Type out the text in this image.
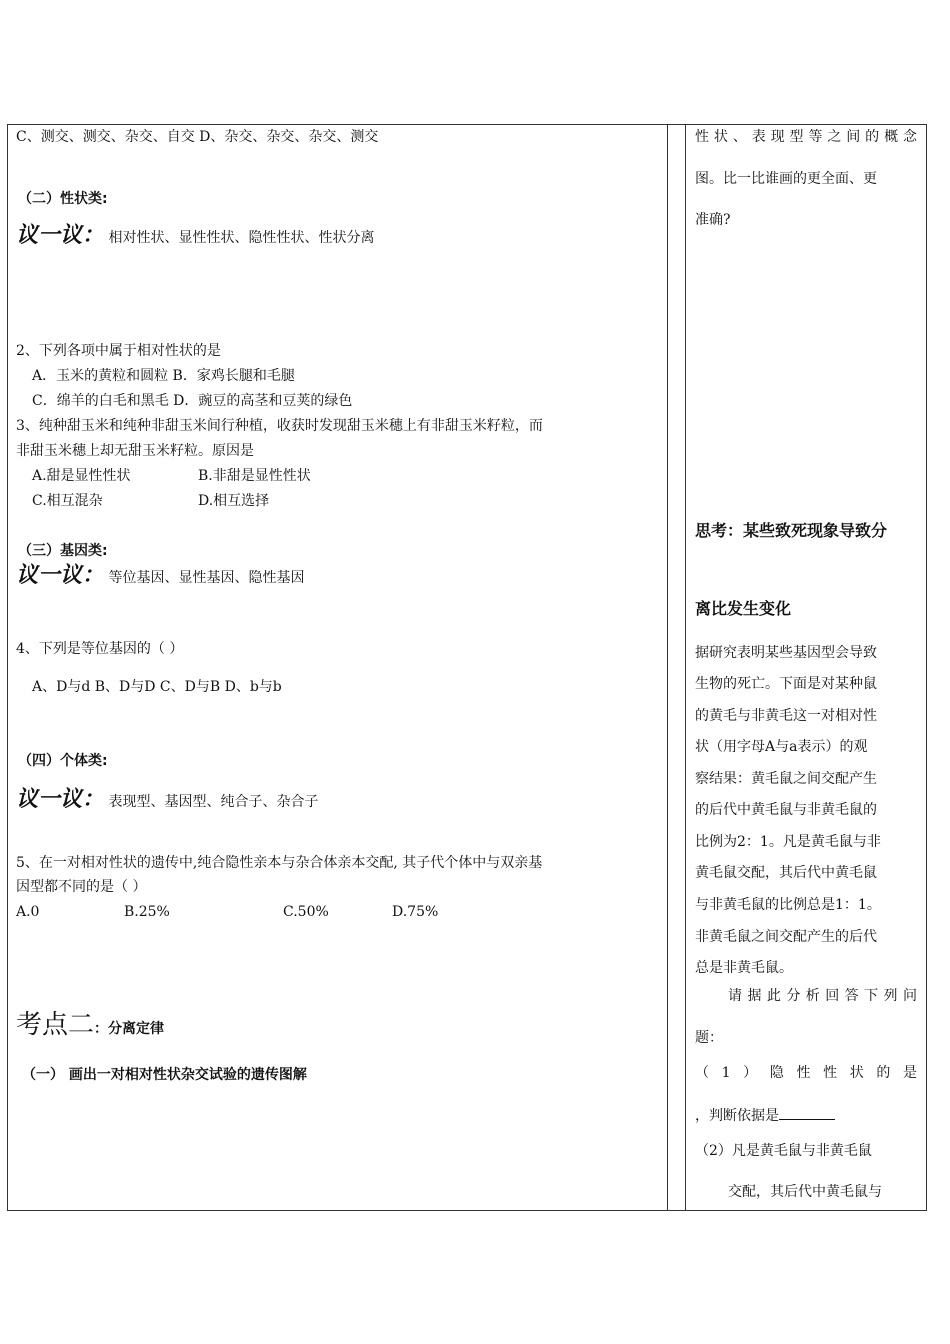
C、测交、测交、杂交、自交 D、杂交、杂交、杂交、测交
（二）性状类:
议一议： 相对性状、显性性状、隐性性状、性状分离
2、下列各项中属于相对性状的是
A．玉米的黄粒和圆粒 B．家鸡长腿和毛腿
C．绵羊的白毛和黑毛 D．豌豆的高茎和豆荚的绿色
3、纯种甜玉米和纯种非甜玉米间行种植，收获时发现甜玉米穗上有非甜玉米籽粒，而
非甜玉米穗上却无甜玉米籽粒。原因是
A.甜是显性性状	B.非甜是显性性状
C.相互混杂	D.相互选择
（三）基因类:
议一议： 等位基因、显性基因、隐性基因
4、下列是等位基因的（ ）
A、D与d B、D与D C、D与B D、b与b
（四）个体类:
议一议： 表现型、基因型、纯合子、杂合子
5、在一对相对性状的遗传中,纯合隐性亲本与杂合体亲本交配, 其子代个体中与双亲基
因型都不同的是（ ）
A.0	B.25%	C.50%	D.75%
考点二：分离定律
（一） 画出一对相对性状杂交试验的遗传图解
性状、表现型等之间的概念
图。比一比谁画的更全面、更
准确?
思考：某些致死现象导致分
离比发生变化
据研究表明某些基因型会导致
生物的死亡。下面是对某种鼠
的黄毛与非黄毛这一对相对性
状（用字母A与a表示）的观
察结果：黄毛鼠之间交配产生
的后代中黄毛鼠与非黄毛鼠的
比例为2：1。凡是黄毛鼠与非
黄毛鼠交配，其后代中黄毛鼠
与非黄毛鼠的比例总是1：1。
非黄毛鼠之间交配产生的后代
总是非黄毛鼠。
请据此分析回答下列问
题：
（1）隐性性状的是
，判断依据是
（2）凡是黄毛鼠与非黄毛鼠
交配，其后代中黄毛鼠与
